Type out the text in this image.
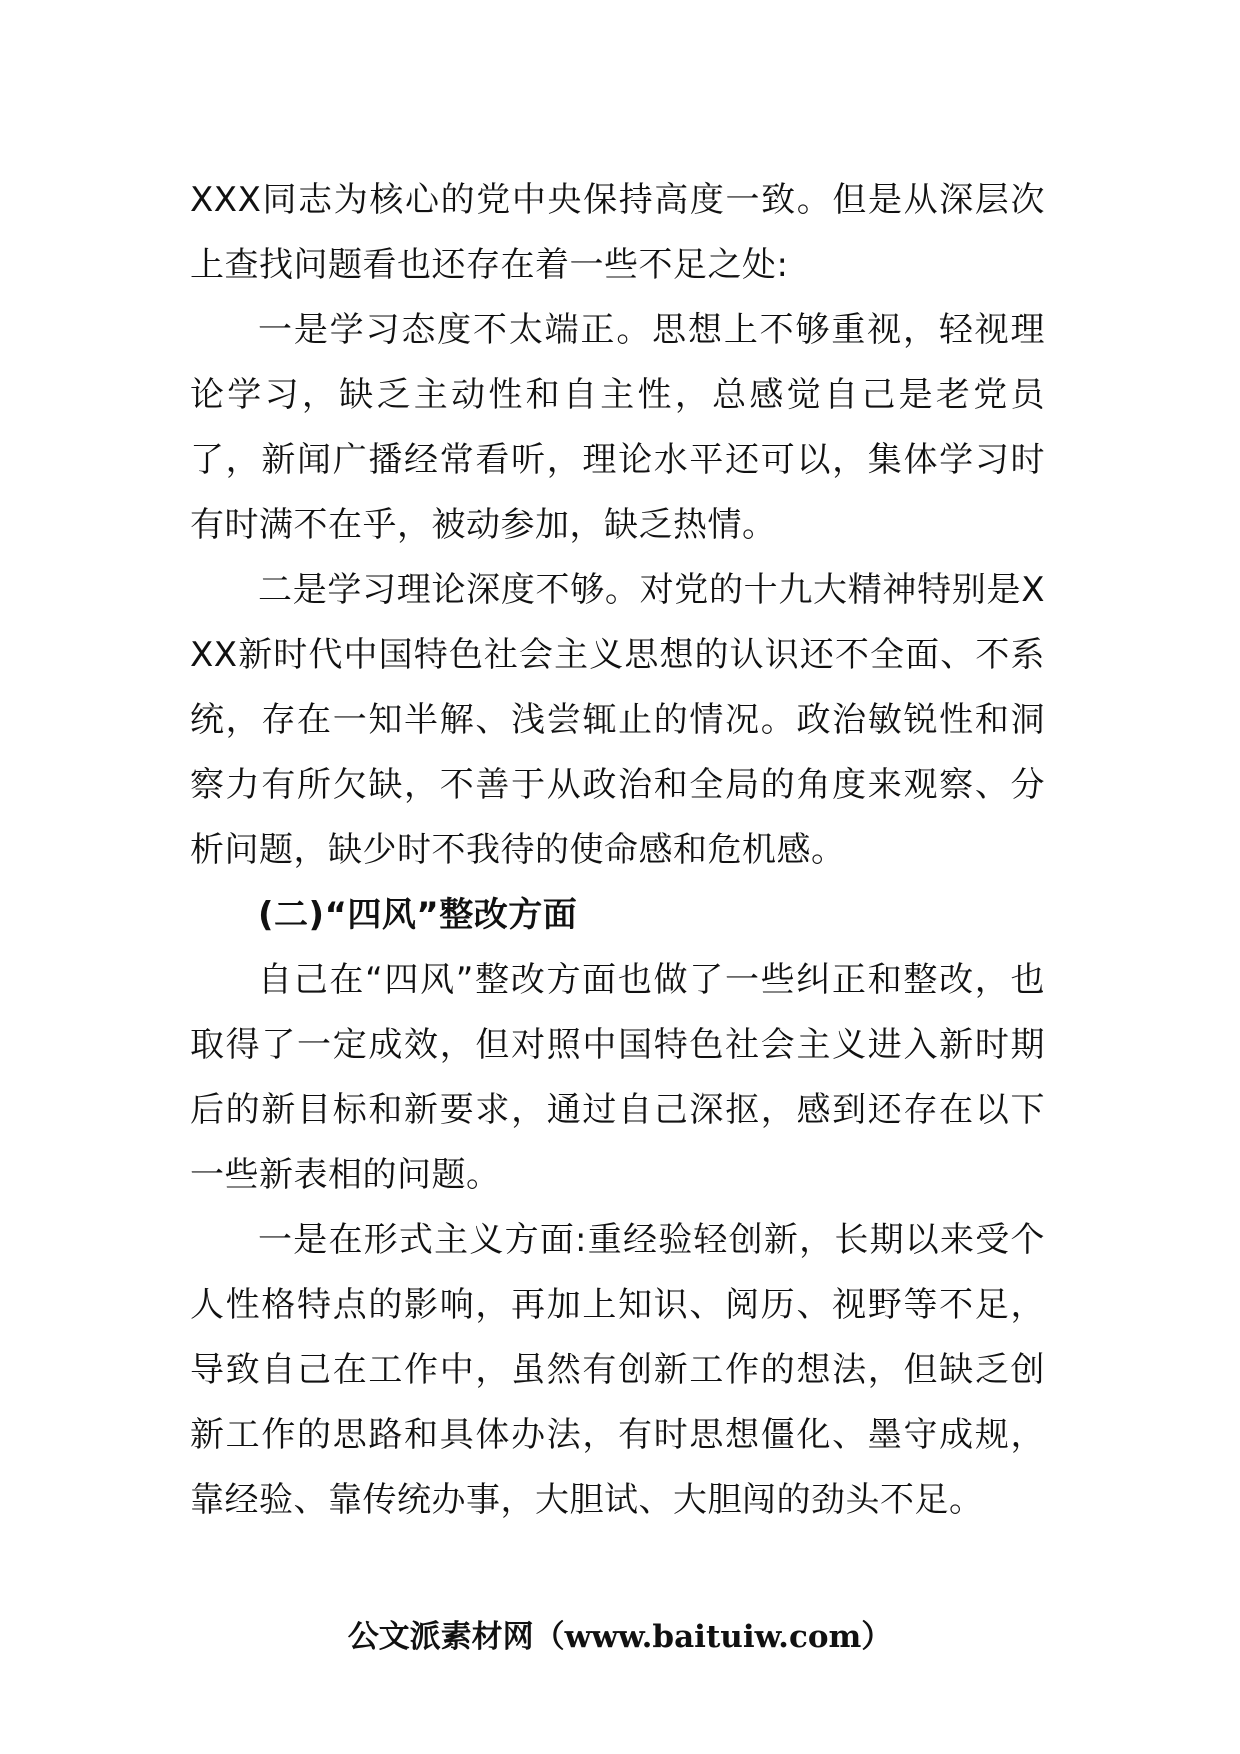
XXX同志为核心的党中央保持高度一致。但是从深层次上查找问题看也还存在着一些不足之处:

一是学习态度不太端正。思想上不够重视，轻视理论学习，缺乏主动性和自主性，总感觉自己是老党员了，新闻广播经常看听，理论水平还可以，集体学习时有时满不在乎，被动参加，缺乏热情。

二是学习理论深度不够。对党的十九大精神特别是XXX新时代中国特色社会主义思想的认识还不全面、不系统，存在一知半解、浅尝辄止的情况。政治敏锐性和洞察力有所欠缺，不善于从政治和全局的角度来观察、分析问题，缺少时不我待的使命感和危机感。

(二)“四风”整改方面

自己在“四风”整改方面也做了一些纠正和整改，也取得了一定成效，但对照中国特色社会主义进入新时期后的新目标和新要求，通过自己深抠，感到还存在以下一些新表相的问题。

一是在形式主义方面:重经验轻创新，长期以来受个人性格特点的影响，再加上知识、阅历、视野等不足，导致自己在工作中，虽然有创新工作的想法，但缺乏创新工作的思路和具体办法，有时思想僵化、墨守成规，靠经验、靠传统办事，大胆试、大胆闯的劲头不足。

公文派素材网（www.baituiw.com）
